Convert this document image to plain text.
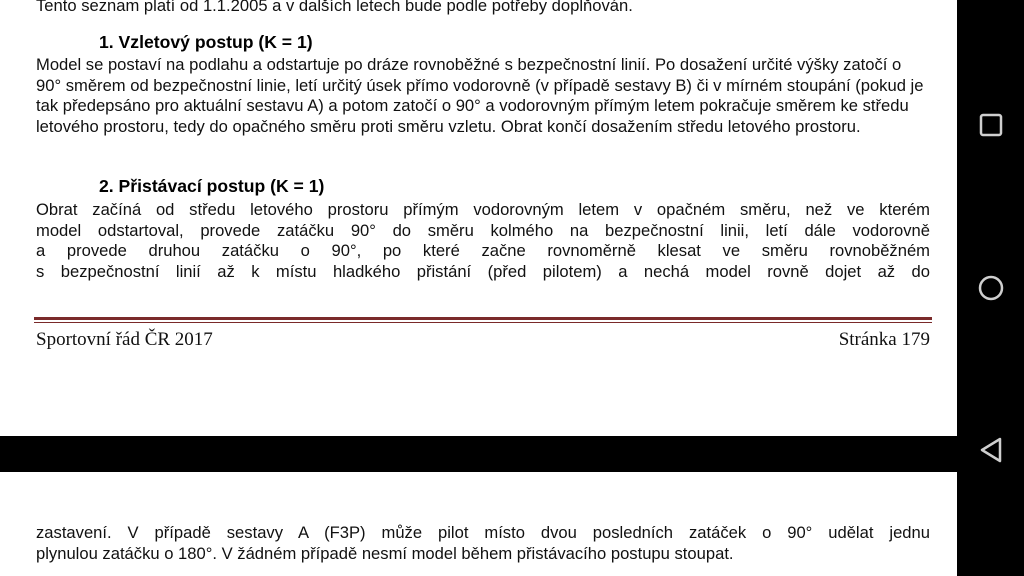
Tento seznam platí od 1.1.2005 a v dalších letech bude podle potřeby doplňován.
1. Vzletový postup (K = 1)
Model se postaví na podlahu a odstartuje po dráze rovnoběžné s bezpečnostní linií. Po dosažení určité výšky zatočí o 90° směrem od bezpečnostní linie, letí určitý úsek přímo vodorovně (v případě sestavy B) či v mírném stoupání (pokud je tak předepsáno pro aktuální sestavu A) a potom zatočí o 90° a vodorovným přímým letem pokračuje směrem ke středu letového prostoru, tedy do opačného směru proti směru vzletu. Obrat končí dosažením středu letového prostoru.
2. Přistávací postup (K = 1)
Obrat začíná od středu letového prostoru přímým vodorovným letem v opačném směru, než ve kterém
model odstartoval, provede zatáčku 90° do směru kolmého na bezpečnostní linii, letí dále vodorovně
a provede druhou zatáčku o 90°, po které začne rovnoměrně klesat ve směru rovnoběžném
s bezpečnostní linií až k místu hladkého přistání (před pilotem) a nechá model rovně dojet až do
Sportovní řád ČR 2017	Stránka 179
zastavení. V případě sestavy A (F3P) může pilot místo dvou posledních zatáček o 90° udělat jednu
plynulou zatáčku o 180°. V žádném případě nesmí model během přistávacího postupu stoupat.
